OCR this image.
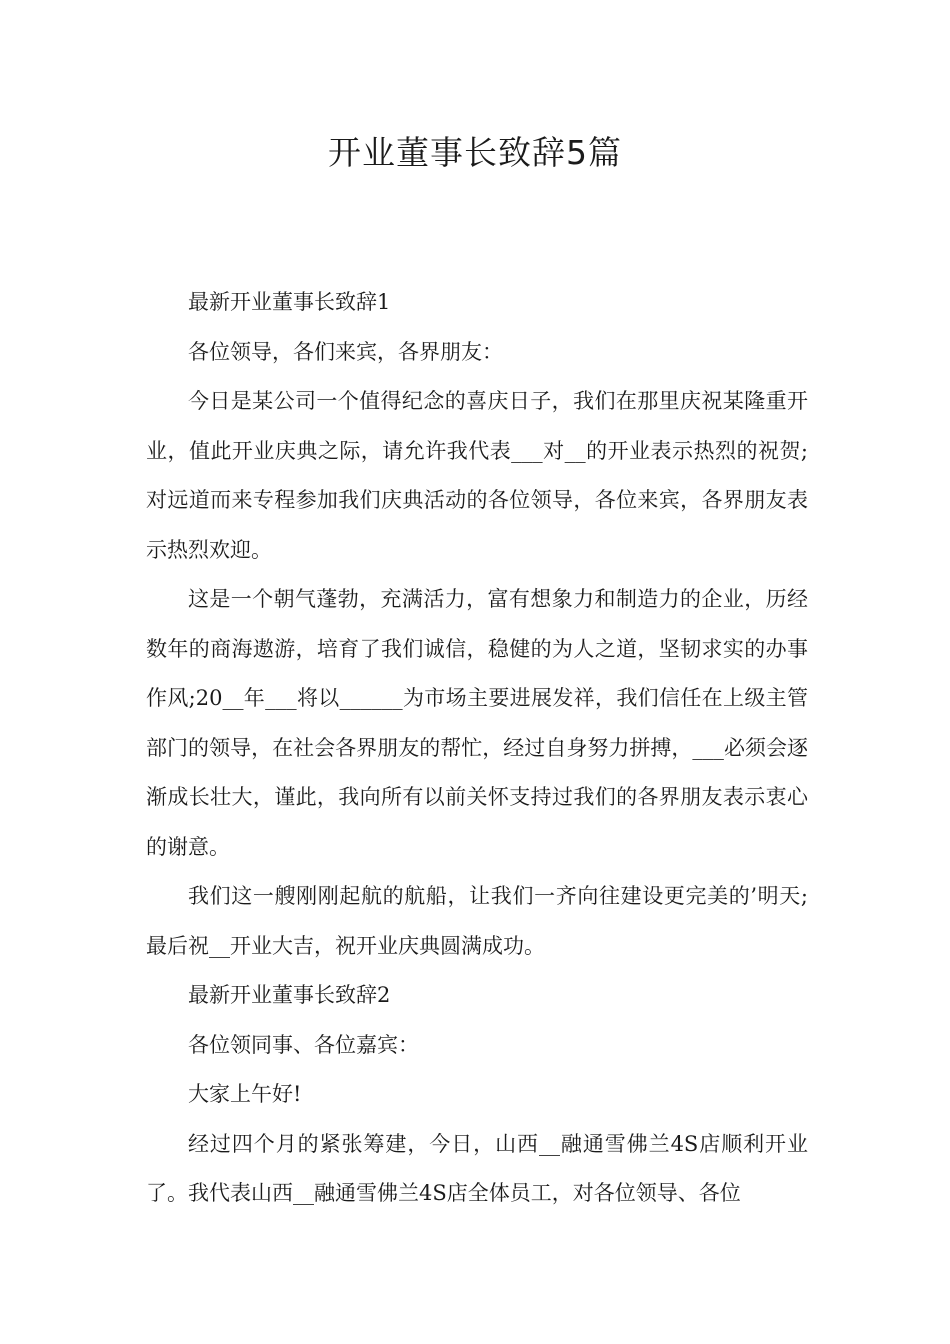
开业董事长致辞5篇

最新开业董事长致辞1

各位领导，各们来宾，各界朋友：

今日是某公司一个值得纪念的喜庆日子，我们在那里庆祝某隆重开业，值此开业庆典之际，请允许我代表___对__的开业表示热烈的祝贺;对远道而来专程参加我们庆典活动的各位领导，各位来宾，各界朋友表示热烈欢迎。

这是一个朝气蓬勃，充满活力，富有想象力和制造力的企业，历经数年的商海遨游，培育了我们诚信，稳健的为人之道，坚韧求实的办事作风;20__年___将以______为市场主要进展发祥，我们信任在上级主管部门的领导，在社会各界朋友的帮忙，经过自身努力拼搏，___必须会逐渐成长壮大，谨此，我向所有以前关怀支持过我们的各界朋友表示衷心的谢意。

我们这一艘刚刚起航的航船，让我们一齐向往建设更完美的’明天;最后祝__开业大吉，祝开业庆典圆满成功。

最新开业董事长致辞2

各位领同事、各位嘉宾：

大家上午好!

经过四个月的紧张筹建，今日，山西__融通雪佛兰4S店顺利开业了。我代表山西__融通雪佛兰4S店全体员工，对各位领导、各位
